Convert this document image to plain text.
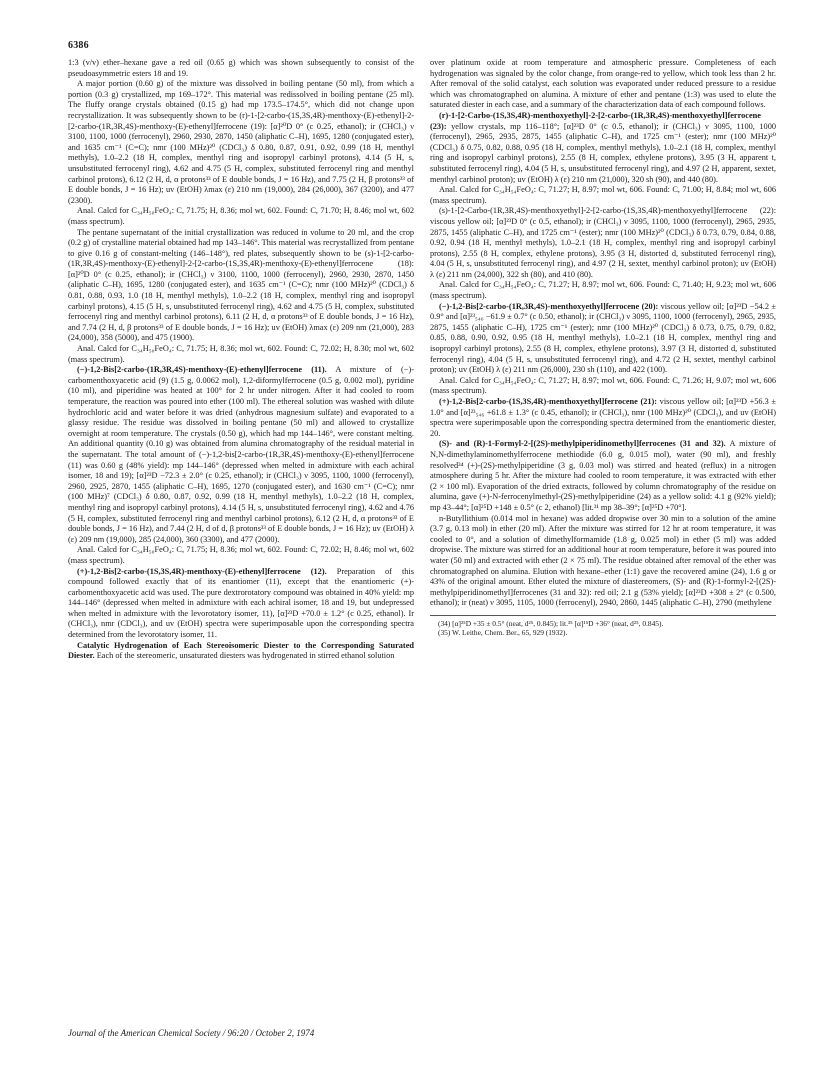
6386

1:3 (v/v) ether–hexane gave a red oil (0.65 g) which was shown subsequently to consist of the pseudoasymmetric esters 18 and 19.

A major portion (0.60 g) of the mixture was dissolved in boiling pentane (50 ml), from which a portion (0.3 g) crystallized, mp 169–172°. This material was redissolved in boiling pentane (25 ml). The fluffy orange crystals obtained (0.15 g) had mp 173.5–174.5°, which did not change upon recrystallization. It was subsequently shown to be (r)-1-[2-carbo-(1S,3S,4R)-menthoxy-(E)-ethenyl]-2-[2-carbo-(1R,3R,4S)-menthoxy-(E)-ethenyl]ferrocene (19): [α]²⁰D 0° (c 0.25, ethanol); ir (CHCl₃) ν 3100, 1100, 1000 (ferrocenyl), 2960, 2930, 2870, 1450 (aliphatic C–H), 1695, 1280 (conjugated ester), and 1635 cm⁻¹ (C=C); nmr (100 MHz)²⁰ (CDCl₃) δ 0.80, 0.87, 0.91, 0.92, 0.99 (18 H, menthyl methyls), 1.0–2.2 (18 H, complex, menthyl ring and isopropyl carbinyl protons), 4.14 (5 H, s, unsubstituted ferrocenyl ring), 4.62 and 4.75 (5 H, complex, substituted ferrocenyl ring and menthyl carbinol protons), 6.12 (2 H, d, α protons³³ of E double bonds, J = 16 Hz), and 7.75 (2 H, β protons³³ of E double bonds, J = 16 Hz); uv (EtOH) λmax (ε) 210 nm (19,000), 284 (26,000), 367 (3200), and 477 (2300).

Anal. Calcd for C₃₄H₅₀FeO₄: C, 71.75; H, 8.36; mol wt, 602. Found: C, 71.70; H, 8.46; mol wt, 602 (mass spectrum).

The pentane supernatant of the initial crystallization was reduced in volume to 20 ml, and the crop (0.2 g) of crystalline material obtained had mp 143–146°. This material was recrystallized from pentane to give 0.16 g of constant-melting (146–148°), red plates, subsequently shown to be (s)-1-[2-carbo-(1R,3R,4S)-menthoxy-(E)-ethenyl]-2-[2-carbo-(1S,3S,4R)-menthoxy-(E)-ethenyl]ferrocene (18): [α]²⁰D 0° (c 0.25, ethanol); ir (CHCl₃) ν 3100, 1100, 1000 (ferrocenyl), 2960, 2930, 2870, 1450 (aliphatic C–H), 1695, 1280 (conjugated ester), and 1635 cm⁻¹ (C=C); nmr (100 MHz)²⁰ (CDCl₃) δ 0.81, 0.88, 0.93, 1.0 (18 H, menthyl methyls), 1.0–2.2 (18 H, complex, menthyl ring and isopropyl carbinyl protons), 4.15 (5 H, s, unsubstituted ferrocenyl ring), 4.62 and 4.75 (5 H, complex, substituted ferrocenyl ring and menthyl carbinol protons), 6.11 (2 H, d, α protons³³ of E double bonds, J = 16 Hz), and 7.74 (2 H, d, β protons³³ of E double bonds, J = 16 Hz); uv (EtOH) λmax (ε) 209 nm (21,000), 283 (24,000), 358 (5000), and 475 (1900).

Anal. Calcd for C₃₄H₅₀FeO₄: C, 71.75; H, 8.36; mol wt, 602. Found: C, 72.02; H, 8.30; mol wt, 602 (mass spectrum).

(−)-1,2-Bis[2-carbo-(1R,3R,4S)-menthoxy-(E)-ethenyl]ferrocene (11). A mixture of (−)-carbomenthoxyacetic acid (9) (1.5 g, 0.0062 mol), 1,2-diformylferrocene (0.5 g, 0.002 mol), pyridine (10 ml), and piperidine was heated at 100° for 2 hr under nitrogen. After it had cooled to room temperature, the reaction was poured into ether (100 ml). The ethereal solution was washed with dilute hydrochloric acid and water before it was dried (anhydrous magnesium sulfate) and evaporated to a glassy residue. The residue was dissolved in boiling pentane (50 ml) and allowed to crystallize overnight at room temperature. The crystals (0.50 g), which had mp 144–146°, were constant melting. An additional quantity (0.10 g) was obtained from alumina chromatography of the residual material in the supernatant. The total amount of (−)-1,2-bis[2-carbo-(1R,3R,4S)-menthoxy-(E)-ethenyl]ferrocene (11) was 0.60 g (48% yield): mp 144–146° (depressed when melted in admixture with each achiral isomer, 18 and 19); [α]²³D −72.3 ± 2.0° (c 0.25, ethanol); ir (CHCl₃) ν 3095, 1100, 1000 (ferrocenyl), 2960, 2925, 2870, 1455 (aliphatic C–H), 1695, 1270 (conjugated ester), and 1630 cm⁻¹ (C=C); nmr (100 MHz)⁷ (CDCl₃) δ 0.80, 0.87, 0.92, 0.99 (18 H, menthyl methyls), 1.0–2.2 (18 H, complex, menthyl ring and isopropyl carbinyl protons), 4.14 (5 H, s, unsubstituted ferrocenyl ring), 4.62 and 4.76 (5 H, complex, substituted ferrocenyl ring and menthyl carbinol protons), 6.12 (2 H, d, α protons³³ of E double bonds, J = 16 Hz), and 7.44 (2 H, d of d, β protons³³ of E double bonds, J = 16 Hz); uv (EtOH) λ (ε) 209 nm (19,000), 285 (24,000), 360 (3300), and 477 (2000).

Anal. Calcd for C₃₄H₅₀FeO₄: C, 71.75; H, 8.36; mol wt, 602. Found: C, 72.02; H, 8.46; mol wt, 602 (mass spectrum).

(+)-1,2-Bis[2-carbo-(1S,3S,4R)-menthoxy-(E)-ethenyl]ferrocene (12). Preparation of this compound followed exactly that of its enantiomer (11), except that the enantiomeric (+)-carbomenthoxyacetic acid was used. The pure dextrorotatory compound was obtained in 40% yield: mp 144–146° (depressed when melted in admixture with each achiral isomer, 18 and 19, but undepressed when melted in admixture with the levorotatory isomer, 11), [α]²³D +70.0 ± 1.2° (c 0.25, ethanol). Ir (CHCl₃), nmr (CDCl₃), and uv (EtOH) spectra were superimposable upon the corresponding spectra determined from the levorotatory isomer, 11.

Catalytic Hydrogenation of Each Stereoisomeric Diester to the Corresponding Saturated Diester. Each of the stereomeric, unsaturated diesters was hydrogenated in stirred ethanol solution

over platinum oxide at room temperature and atmospheric pressure. Completeness of each hydrogenation was signaled by the color change, from orange-red to yellow, which took less than 2 hr. After removal of the solid catalyst, each solution was evaporated under reduced pressure to a residue which was chromatographed on alumina. A mixture of ether and pentane (1:3) was used to elute the saturated diester in each case, and a summary of the characterization data of each compound follows.

(r)-1-[2-Carbo-(1S,3S,4R)-menthoxyethyl]-2-[2-carbo-(1R,3R,4S)-menthoxyethyl]ferrocene (23): yellow crystals, mp 116–118°; [α]²³D 0° (c 0.5, ethanol); ir (CHCl₃) ν 3095, 1100, 1000 (ferrocenyl), 2965, 2935, 2875, 1455 (aliphatic C–H), and 1725 cm⁻¹ (ester); nmr (100 MHz)²⁰ (CDCl₃) δ 0.75, 0.82, 0.88, 0.95 (18 H, complex, menthyl methyls), 1.0–2.1 (18 H, complex, menthyl ring and isopropyl carbinyl protons), 2.55 (8 H, complex, ethylene protons), 3.95 (3 H, apparent t, substituted ferrocenyl ring), 4.04 (5 H, s, unsubstituted ferrocenyl ring), and 4.97 (2 H, apparent, sextet, menthyl carbinol proton); uv (EtOH) λ (ε) 210 nm (21,000), 320 sh (90), and 440 (80).

Anal. Calcd for C₃₄H₅₄FeO₄: C, 71.27; H, 8.97; mol wt, 606. Found: C, 71.00; H, 8.84; mol wt, 606 (mass spectrum).

(s)-1-[2-Carbo-(1R,3R,4S)-menthoxyethyl]-2-[2-carbo-(1S,3S,4R)-menthoxyethyl]ferrocene (22): viscous yellow oil; [α]²³D 0° (c 0.5, ethanol); ir (CHCl₃) ν 3095, 1100, 1000 (ferrocenyl), 2965, 2935, 2875, 1455 (aliphatic C–H), and 1725 cm⁻¹ (ester); nmr (100 MHz)²⁰ (CDCl₃) δ 0.73, 0.79, 0.84, 0.88, 0.92, 0.94 (18 H, menthyl methyls), 1.0–2.1 (18 H, complex, menthyl ring and isopropyl carbinyl protons), 2.55 (8 H, complex, ethylene protons), 3.95 (3 H, distorted d, substituted ferrocenyl ring), 4.04 (5 H, s, unsubstituted ferrocenyl ring), and 4.97 (2 H, sextet, menthyl carbinol proton); uv (EtOH) λ (ε) 211 nm (24,000), 322 sh (80), and 410 (80).

Anal. Calcd for C₃₄H₅₄FeO₄: C, 71.27; H, 8.97; mol wt, 606. Found: C, 71.40; H, 9.23; mol wt, 606 (mass spectrum).

(−)-1,2-Bis[2-carbo-(1R,3R,4S)-menthoxyethyl]ferrocene (20): viscous yellow oil; [α]²³D −54.2 ± 0.9° and [α]²³₅₄₆ −61.9 ± 0.7° (c 0.50, ethanol); ir (CHCl₃) ν 3095, 1100, 1000 (ferrocenyl), 2965, 2935, 2875, 1455 (aliphatic C–H), 1725 cm⁻¹ (ester); nmr (100 MHz)²⁰ (CDCl₃) δ 0.73, 0.75, 0.79, 0.82, 0.85, 0.88, 0.90, 0.92, 0.95 (18 H, menthyl methyls), 1.0–2.1 (18 H, complex, menthyl ring and isopropyl carbinyl protons), 2.55 (8 H, complex, ethylene protons), 3.97 (3 H, distorted d, substituted ferrocenyl ring), 4.04 (5 H, s, unsubstituted ferrocenyl ring), and 4.72 (2 H, sextet, menthyl carbinol proton); uv (EtOH) λ (ε) 211 nm (26,000), 230 sh (110), and 422 (100).

Anal. Calcd for C₃₄H₅₄FeO₄: C, 71.27; H, 8.97; mol wt, 606. Found: C, 71.26; H, 9.07; mol wt, 606 (mass spectrum).

(+)-1,2-Bis[2-carbo-(1S,3S,4R)-menthoxyethyl]ferrocene (21): viscous yellow oil; [α]²³D +56.3 ± 1.0° and [α]²³₅₄₆ +61.8 ± 1.3° (c 0.45, ethanol); ir (CHCl₃), nmr (100 MHz)²⁰ (CDCl₃), and uv (EtOH) spectra were superimposable upon the corresponding spectra determined from the enantiomeric diester, 20.

(S)- and (R)-1-Formyl-2-[(2S)-methylpiperidinomethyl]ferrocenes (31 and 32). A mixture of N,N-dimethylaminomethylferrocene methiodide (6.0 g, 0.015 mol), water (90 ml), and freshly resolved³⁴ (+)-(2S)-methylpiperidine (3 g, 0.03 mol) was stirred and heated (reflux) in a nitrogen atmosphere during 5 hr. After the mixture had cooled to room temperature, it was extracted with ether (2 × 100 ml). Evaporation of the dried extracts, followed by column chromatography of the residue on alumina, gave (+)-N-ferrocenylmethyl-(2S)-methylpiperidine (24) as a yellow solid: 4.1 g (92% yield); mp 43–44°; [α]²⁵D +148 ± 0.5° (c 2, ethanol) [lit.³¹ mp 38–39°; [α]²⁵D +70°].

n-Butyllithium (0.014 mol in hexane) was added dropwise over 30 min to a solution of the amine (3.7 g, 0.13 mol) in ether (20 ml). After the mixture was stirred for 12 hr at room temperature, it was cooled to 0°, and a solution of dimethylformamide (1.8 g, 0.025 mol) in ether (5 ml) was added dropwise. The mixture was stirred for an additional hour at room temperature, before it was poured into water (50 ml) and extracted with ether (2 × 75 ml). The residue obtained after removal of the ether was chromatographed on alumina. Elution with hexane–ether (1:1) gave the recovered amine (24), 1.6 g or 43% of the original amount. Ether eluted the mixture of diastereomers, (S)- and (R)-1-formyl-2-[(2S)-methylpiperidinomethyl]ferrocenes (31 and 32): red oil; 2.1 g (53% yield); [α]²³D +308 ± 2° (c 0.500, ethanol); ir (neat) ν 3095, 1105, 1000 (ferrocenyl), 2940, 2860, 1445 (aliphatic C–H), 2790 (methylene

(34) [α]²⁵D +35 ± 0.5° (neat, d²⁵, 0.845); lit.³⁵ [α]¹⁵D +36° (neat, d²⁵, 0.845).

(35) W. Leithe, Chem. Ber., 65, 929 (1932).

Journal of the American Chemical Society / 96:20 / October 2, 1974
